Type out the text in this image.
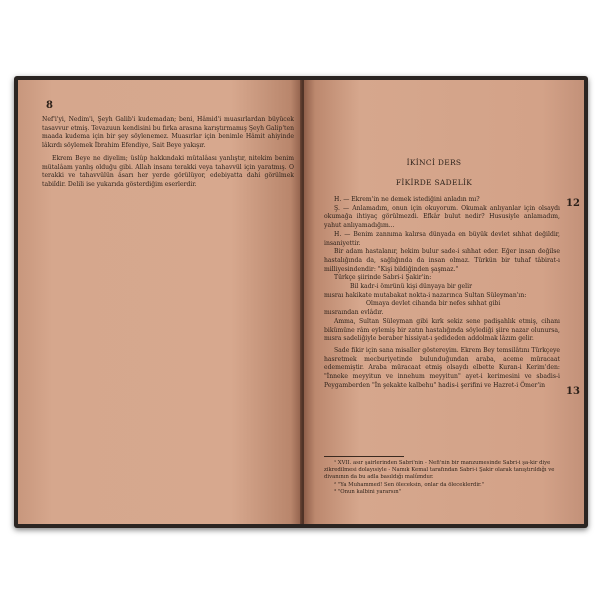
8

Nef'i'yi, Nedim'i, Şeyh Galib'i kudemadan; beni, Hâmid'i muasırlardan büyücek tasavvur etmiş. Tevazuun kendisini bu fırka arasına karıştırmamış Şeyh Galip'ten maada kudema için bir şey söylenemez. Muasırlar için benimle Hâmit ahiyinde lâkırdı söylemek İbrahim Efendiye, Sait Beye yakışır.

Ekrem Beye ne diyelim; üslûp hakkındaki mütalâası yanlıştır, nitekim benim mütalâam yanlış olduğu gibi. Allah insanı terakki veya tahavvül için yaratmış. O terakki ve tahavvülün âsarı her yerde görülüyor, edebiyatta dahi görülmek tabiîdir. Delili ise yukarıda gösterdiğim eserlerdir.

İKİNCİ DERS
FİKİRDE SADELİK
12
13

H. — Ekrem'in ne demek istediğini anladın mı?

Ş. — Anlamadım, onun için okuyorum. Okumak anlıyanlar için olsaydı okumağa ihtiyaç görülmezdi. Efkâr bulut nedir? Hususiyle anlamadım, yahut anlıyamadığım...

H. — Benim zannıma kalırsa dünyada en büyük devlet sıhhat değildir, insaniyettir.

Bir adam hastalanır, hekim bulur sade-i sıhhat eder. Eğer insan değilse hastalığında da, sağlığında da insan olmaz. Türkün bir tuhaf tâbirat-ı milliyesindendir: "Kişi bildiğinden şaşmaz."

Türkçe şiirinde Sabri-i Şakir'in:

Bil kadr-i ömrünü kişi dünyaya bir gelir

mısraı hakikate mutabakat nokta-i nazarınca Sultan Süleyman'ın:

Olmaya devlet cihanda bir nefes sıhhat gibi

mısraından evlâdır.

Amma, Sultan Süleyman gibi kırk sekiz sene padişahlık etmiş, cihanı bikümüne râm eylemiş bir zatın hastalığında söylediği şiire nazar olunursa, mısra sadeliğiyle beraber hissiyat-ı şedideden addolmak lâzım gelir.

Sade fikir için sana misaller göstereyim. Ekrem Bey temsilâtını Türkçeye hasretmek mecburiyetinde bulunduğundan araba, aceme müracaat edememiştir. Araba müracaat etmiş olsaydı elbette Kuran-i Kerim'den: "İnneke meyyitun ve innehum meyyitun" ayet-i kerimesini ve sbadis-i Peygamberden "İn şekakte kalbehu" hadis-i şerifini ve Hazret-i Ömer'in

¹ XVII. asır şairlerinden Sabri'nin - Nefi'nin bir manzumesinde Sabri-i şa-kir diye zikredilmesi dolayısiyle - Namık Kemal tarafından Sabri-i Şakir olarak tanıştırıldığı ve divanının da bu adla basıldığı malûmdur.

² "Ya Muhammed! Sen öleceksin, onlar da öleceklerdir."

³ "Onun kalbini yararsın"
